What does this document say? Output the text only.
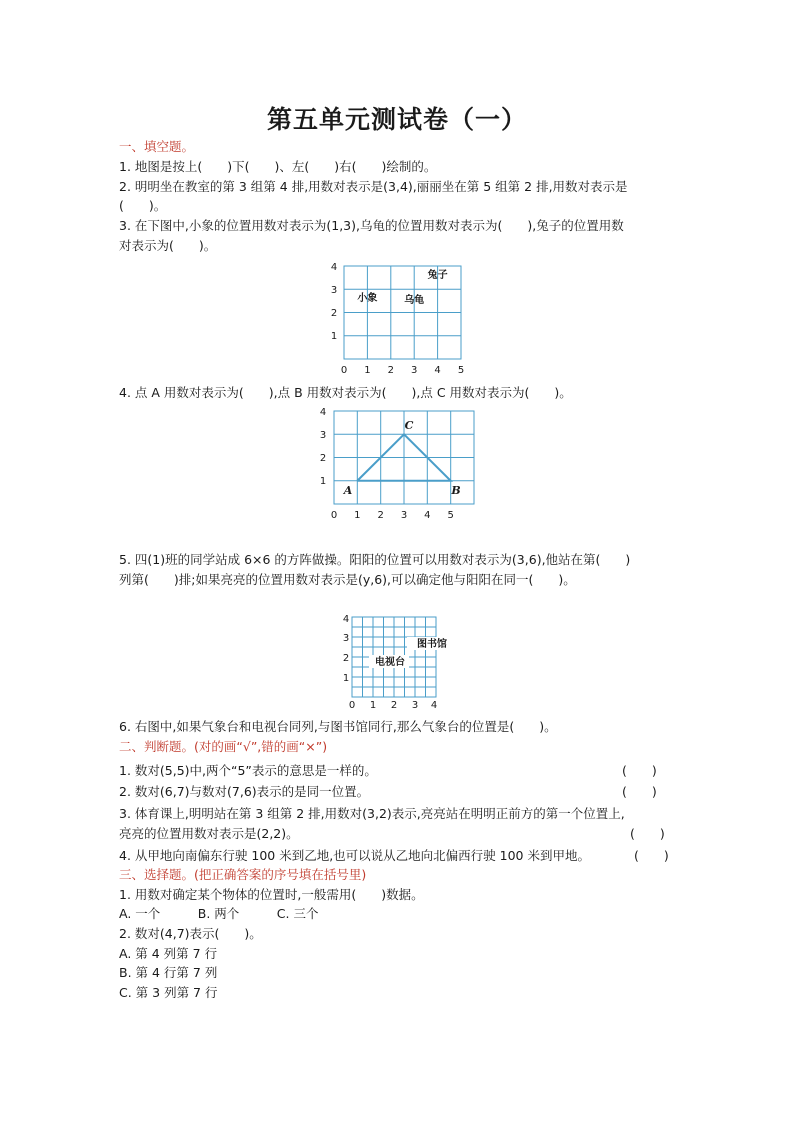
第五单元测试卷（一）
一、填空题。
1. 地图是按上(　　)下(　　)、左(　　)右(　　)绘制的。
2. 明明坐在教室的第 3 组第 4 排,用数对表示是(3,4),丽丽坐在第 5 组第 2 排,用数对表示是
(　　)。
3. 在下图中,小象的位置用数对表示为(1,3),乌龟的位置用数对表示为(　　),兔子的位置用数
对表示为(　　)。
0 1 2 3 4 5
1
2
3
4
小象	乌龟
兔子
4. 点 A 用数对表示为(　　),点 B 用数对表示为(　　),点 C 用数对表示为(　　)。
A
C
B
0 1 2 3 4 5
1
2
3
4
5. 四(1)班的同学站成 6×6 的方阵做操。阳阳的位置可以用数对表示为(3,6),他站在第(　　)
列第(　　)排;如果亮亮的位置用数对表示是(y,6),可以确定他与阳阳在同一(　　)。
图书馆
电视台
0 1 2 3 4
1
2
3
4
6. 右图中,如果气象台和电视台同列,与图书馆同行,那么气象台的位置是(　　)。
二、判断题。(对的画“√”,错的画“×”)
1. 数对(5,5)中,两个“5”表示的意思是一样的。	(　　)
2. 数对(6,7)与数对(7,6)表示的是同一位置。	(　　)
3. 体育课上,明明站在第 3 组第 2 排,用数对(3,2)表示,亮亮站在明明正前方的第一个位置上,
亮亮的位置用数对表示是(2,2)。	(　　)
4. 从甲地向南偏东行驶 100 米到乙地,也可以说从乙地向北偏西行驶 100 米到甲地。	(　　)
三、选择题。(把正确答案的序号填在括号里)
1. 用数对确定某个物体的位置时,一般需用(　　)数据。
A. 一个　　　B. 两个　　　C. 三个
2. 数对(4,7)表示(　　)。
A. 第 4 列第 7 行
B. 第 4 行第 7 列
C. 第 3 列第 7 行
